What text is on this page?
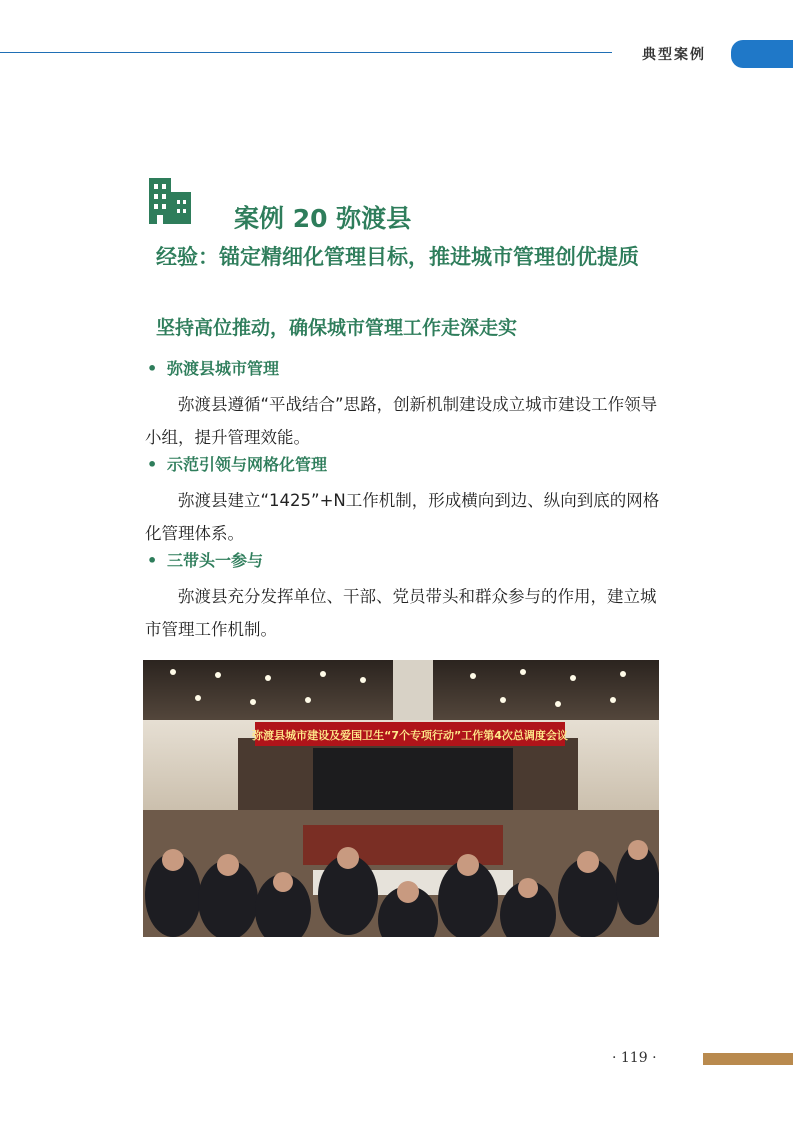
典型案例
案例 20 弥渡县
经验：锚定精细化管理目标，推进城市管理创优提质
坚持高位推动，确保城市管理工作走深走实
• 弥渡县城市管理
弥渡县遵循“平战结合”思路，创新机制建设成立城市建设工作领导小组，提升管理效能。
• 示范引领与网格化管理
弥渡县建立“1425”+N工作机制，形成横向到边、纵向到底的网格化管理体系。
• 三带头一参与
弥渡县充分发挥单位、干部、党员带头和群众参与的作用，建立城市管理工作机制。
弥渡县城市建设及爱国卫生“7个专项行动”工作第4次总调度会议
· 119 ·
